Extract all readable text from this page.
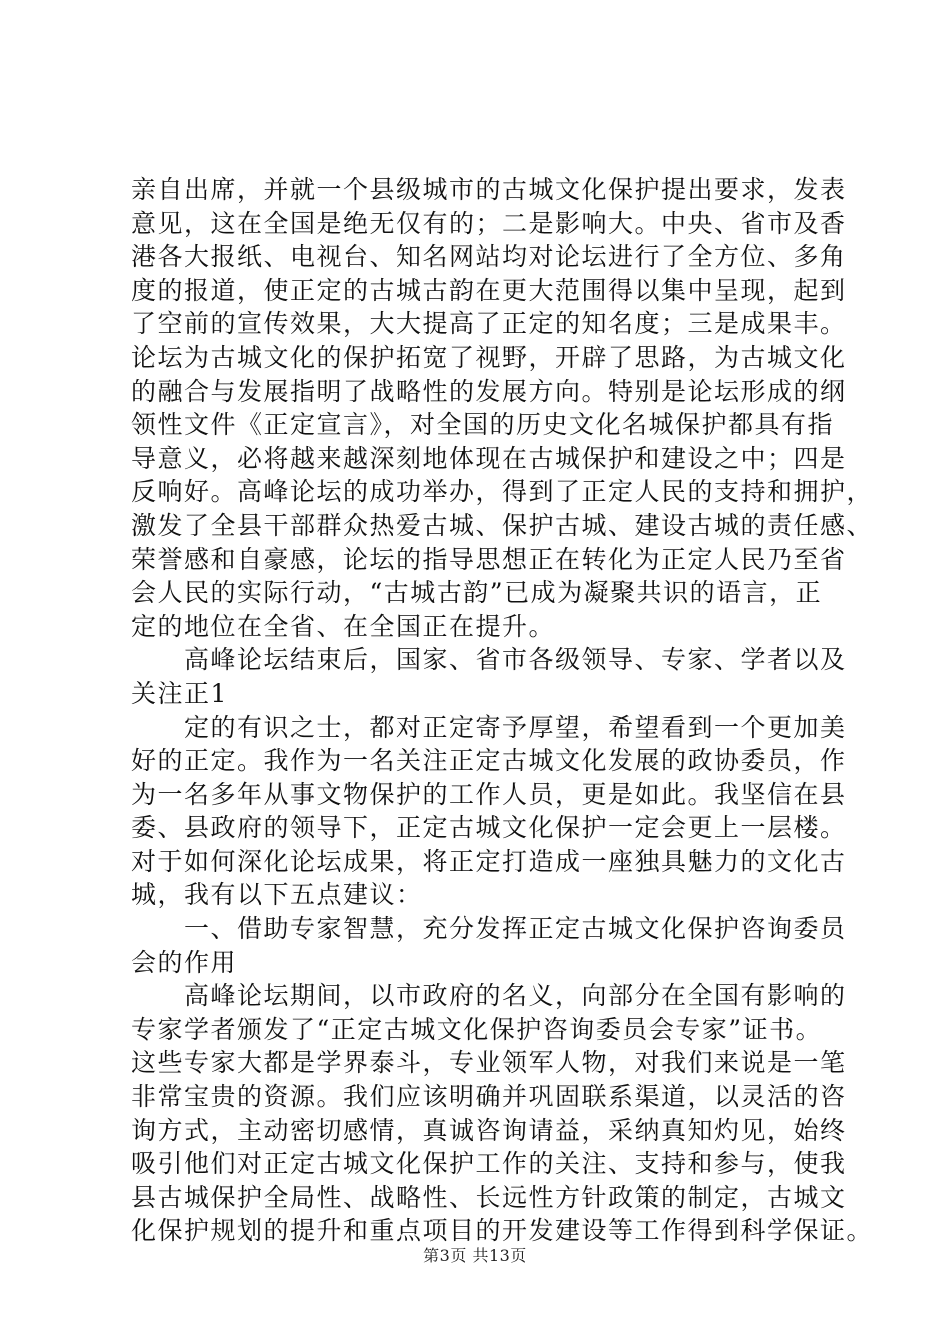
亲自出席，并就一个县级城市的古城文化保护提出要求，发表
意见，这在全国是绝无仅有的；二是影响大。中央、省市及香
港各大报纸、电视台、知名网站均对论坛进行了全方位、多角
度的报道，使正定的古城古韵在更大范围得以集中呈现，起到
了空前的宣传效果，大大提高了正定的知名度；三是成果丰。
论坛为古城文化的保护拓宽了视野，开辟了思路，为古城文化
的融合与发展指明了战略性的发展方向。特别是论坛形成的纲
领性文件《正定宣言》，对全国的历史文化名城保护都具有指
导意义，必将越来越深刻地体现在古城保护和建设之中；四是
反响好。高峰论坛的成功举办，得到了正定人民的支持和拥护，
激发了全县干部群众热爱古城、保护古城、建设古城的责任感、
荣誉感和自豪感，论坛的指导思想正在转化为正定人民乃至省
会人民的实际行动，“古城古韵”已成为凝聚共识的语言，正
定的地位在全省、在全国正在提升。
　　高峰论坛结束后，国家、省市各级领导、专家、学者以及
关注正1
　　定的有识之士，都对正定寄予厚望，希望看到一个更加美
好的正定。我作为一名关注正定古城文化发展的政协委员，作
为一名多年从事文物保护的工作人员，更是如此。我坚信在县
委、县政府的领导下，正定古城文化保护一定会更上一层楼。
对于如何深化论坛成果，将正定打造成一座独具魅力的文化古
城，我有以下五点建议：
　　一、借助专家智慧，充分发挥正定古城文化保护咨询委员
会的作用
　　高峰论坛期间，以市政府的名义，向部分在全国有影响的
专家学者颁发了“正定古城文化保护咨询委员会专家”证书。
这些专家大都是学界泰斗，专业领军人物，对我们来说是一笔
非常宝贵的资源。我们应该明确并巩固联系渠道，以灵活的咨
询方式，主动密切感情，真诚咨询请益，采纳真知灼见，始终
吸引他们对正定古城文化保护工作的关注、支持和参与，使我
县古城保护全局性、战略性、长远性方针政策的制定，古城文
化保护规划的提升和重点项目的开发建设等工作得到科学保证。
第3页 共13页
